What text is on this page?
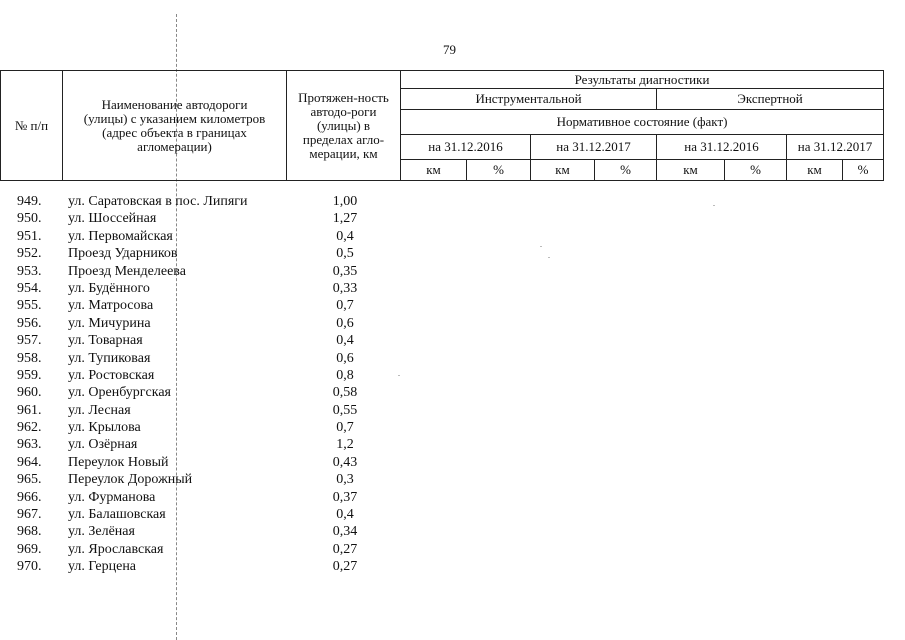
79
№ п/п	Наименование автодороги (улицы) с указанием километров (адрес объекта в границах агломерации)	Протяжен-ность автодо-роги (улицы) в пределах агло-мерации, км	Результаты диагностики							
			Инструментальной				Экспертной			
			Нормативное состояние (факт)							
			на 31.12.2016		на 31.12.2017		на 31.12.2016		на 31.12.2017	
			км	%	км	%	км	%	км	%
949. ул. Саратовская в пос. Липяги	1,00
950. ул. Шоссейная	1,27
951. ул. Первомайская	0,4
952. Проезд Ударников	0,5
953. Проезд Менделеева	0,35
954. ул. Будённого	0,33
955. ул. Матросова	0,7
956. ул. Мичурина	0,6
957. ул. Товарная	0,4
958. ул. Тупиковая	0,6
959. ул. Ростовская	0,8
960. ул. Оренбургская	0,58
961. ул. Лесная	0,55
962. ул. Крылова	0,7
963. ул. Озёрная	1,2
964. Переулок Новый	0,43
965. Переулок Дорожный	0,3
966. ул. Фурманова	0,37
967. ул. Балашовская	0,4
968. ул. Зелёная	0,34
969. ул. Ярославская	0,27
970. ул. Герцена	0,27
